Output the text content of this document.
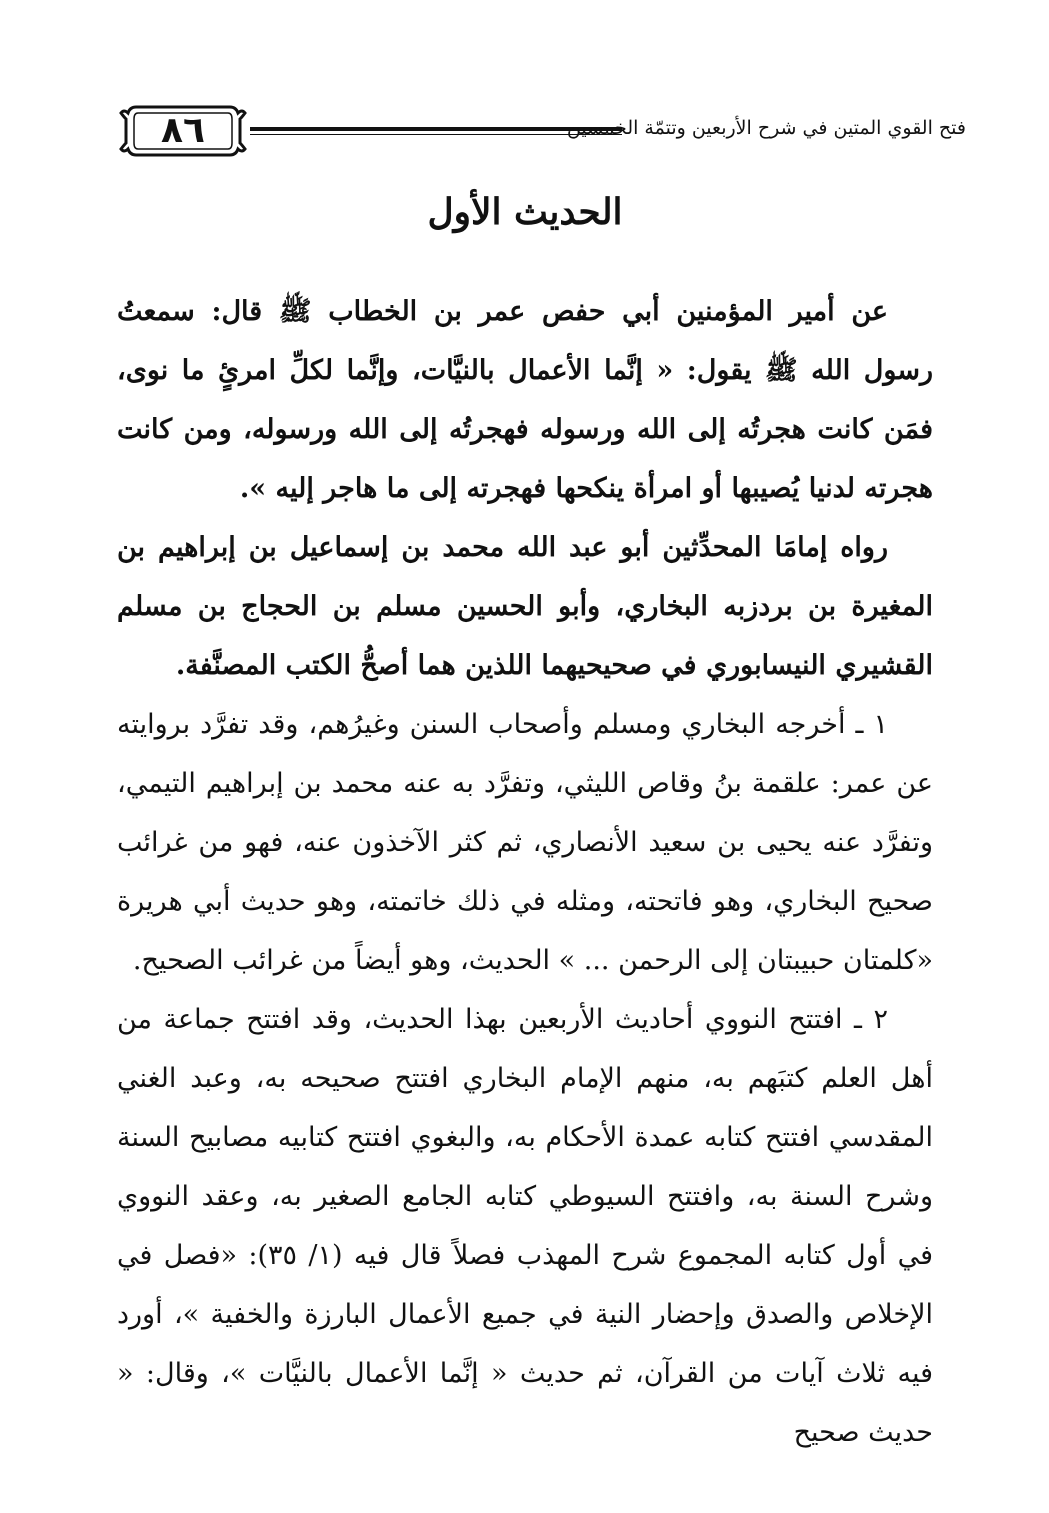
٨٦	فتح القوي المتين في شرح الأربعين وتتمّة الخمسين
الحديث الأول

عن أمير المؤمنين أبي حفص عمر بن الخطاب ﷺ قال: سمعتُ رسول الله ﷺ يقول: « إنَّما الأعمال بالنيَّات، وإنَّما لكلِّ امرئٍ ما نوى، فمَن كانت هجرتُه إلى الله ورسوله فهجرتُه إلى الله ورسوله، ومن كانت هجرته لدنيا يُصيبها أو امرأة ينكحها فهجرته إلى ما هاجر إليه ».

رواه إمامَا المحدِّثين أبو عبد الله محمد بن إسماعيل بن إبراهيم بن المغيرة بن بردزبه البخاري، وأبو الحسين مسلم بن الحجاج بن مسلم القشيري النيسابوري في صحيحيهما اللذين هما أصحُّ الكتب المصنَّفة.

١ ـ أخرجه البخاري ومسلم وأصحاب السنن وغيرُهم، وقد تفرَّد بروايته عن عمر: علقمة بنُ وقاص الليثي، وتفرَّد به عنه محمد بن إبراهيم التيمي، وتفرَّد عنه يحيى بن سعيد الأنصاري، ثم كثر الآخذون عنه، فهو من غرائب صحيح البخاري، وهو فاتحته، ومثله في ذلك خاتمته، وهو حديث أبي هريرة «كلمتان حبيبتان إلى الرحمن ... » الحديث، وهو أيضاً من غرائب الصحيح.

٢ ـ افتتح النووي أحاديث الأربعين بهذا الحديث، وقد افتتح جماعة من أهل العلم كتبَهم به، منهم الإمام البخاري افتتح صحيحه به، وعبد الغني المقدسي افتتح كتابه عمدة الأحكام به، والبغوي افتتح كتابيه مصابيح السنة وشرح السنة به، وافتتح السيوطي كتابه الجامع الصغير به، وعقد النووي في أول كتابه المجموع شرح المهذب فصلاً قال فيه (١/ ٣٥): «فصل في الإخلاص والصدق وإحضار النية في جميع الأعمال البارزة والخفية »، أورد فيه ثلاث آيات من القرآن، ثم حديث « إنَّما الأعمال بالنيَّات »، وقال: « حديث صحيح
